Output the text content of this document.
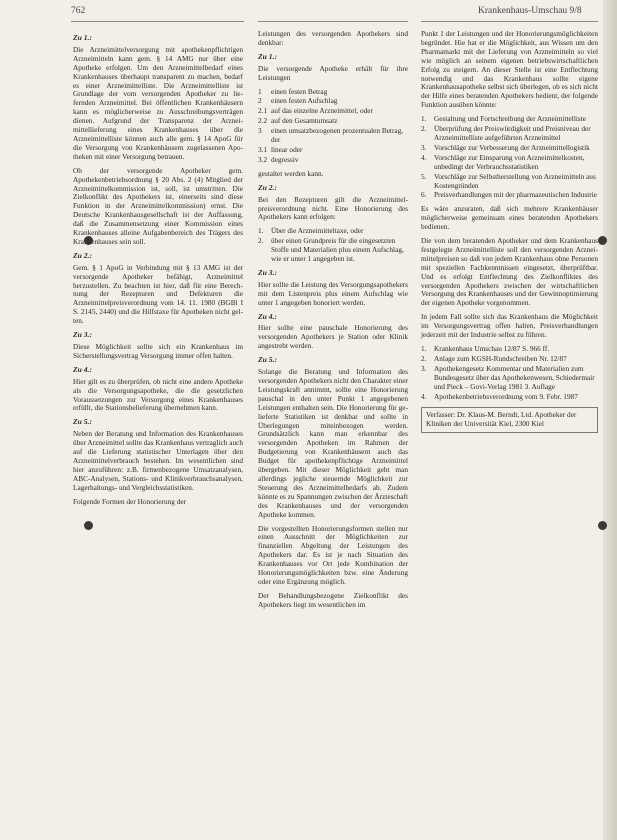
762	Krankenhaus-Umschau 9/8
Zu 1.:

Die Arzneimittelversorgung mit apothekenpflichtigen Arzneimitteln kann gem. § 14 AMG nur über eine Apotheke erfolgen. Um den Arzneimittelbedarf eines Krankenhauses überhaupt transparent zu machen, bedarf es einer Arzneimittelliste. Die Arzneimittelliste ist Grundlage der vom versorgenden Apotheker zu liefernden Arzneimittel. Bei öffentlichen Krankenhäusern kann es möglicherweise zu Ausschreibungsverträgen dienen. Aufgrund der Transparenz der Arzneimittellieferung eines Krankenhauses über die Arzneimittelliste können auch alle gem. § 14 ApoG für die Versorgung von Krankenhäusern zugelassenen Apotheken mit einer Versorgung betrauen.

Ob der versorgende Apotheker gem. Apothekenbetriebsordnung § 20 Abs. 2 (4) Mitglied der Arzneimittelkommission ist, soll, ist umstritten. Die Zielkonflikt des Apothekers ist, einerseits sind diese Funktion in der Arzneimittelkommission) ernst. Die Deutsche Krankenhausgesellschaft ist der Auffassung, daß die Zusammensetzung einer Kommission eines Krankenhauses alleine Aufgabenbereich des Trägers des Krankenhauses sein soll.

Zu 2.:

Gem. § 1 ApoG in Verbindung mit § 13 AMG ist der versorgende Apotheker befähigt, Arzneimittel herzustellen. Zu beachten ist hier, daß für eine Berechnung der Rezepturen und Defekturen die Arzneimittelpreisverordnung vom 14. 11. 1980 (BGBl I S. 2145, 2440) und die Hilfstaxe für Apotheken nicht gelten.

Zu 3.:

Diese Möglichkeit sollte sich ein Krankenhaus im Sicherstellungsvertrag Versorgung immer offen halten.

Zu 4.:

Hier gilt es zu überprüfen, ob nicht eine andere Apotheke als die Versorgungsapotheke, die die gesetzlichen Voraussetzungen zur Versorgung eines Krankenhauses erfüllt, die Stationsbelieferung übernehmen kann.

Zu 5.:

Neben der Beratung und Information des Krankenhauses über Arzneimittel sollte das Krankenhaus vertraglich auch auf die Lieferung statistischer Unterlagen über den Arzneimittelverbrauch bestehen. Im wesentlichen sind hier anzuführen: z.B. firmenbezogene Umsatzanalysen, ABC-Analysen, Stations- und Klinikverbrauchsanalysen, Lagerhaltungs- und Vergleichsstatistiken.

Folgende Formen der Honorierung der

Leistungen des versorgenden Apothekers sind denkbar:

Zu 1.:

Die versorgende Apotheke erhält für ihre Leistungen

1	einen festen Betrag
2	einen festen Aufschlag
2.1 auf das einzelne Arzneimittel, oder
2.2 auf den Gesamtumsatz
3	einen umsatzbezogenen prozentualen Betrag, der
3.1 linear oder
3.2 degressiv

gestaltet werden kann.

Zu 2.:

Bei den Rezepturen gilt die Arzneimittelpreisverordnung nicht. Eine Honorierung des Apothekers kann erfolgen:

1.	Über die Arzneimitteltaxe, oder
2.	über einen Grundpreis für die eingesetzten Stoffe und Materialien plus einem Aufschlag, wie er unter 1 angegeben ist.
Zu 3.:

Hier sollte die Leistung des Versorgungsapothekers mit dem Listenpreis plus einem Aufschlag wie unter 1 angegeben honoriert werden.

Zu 4.:

Hier sollte eine pauschale Honorierung des versorgenden Apothekers je Station oder Klinik angestrebt werden.

Zu 5.:

Solange die Beratung und Information des versorgenden Apothekers nicht den Charakter einer Leistungskraft annimmt, sollte eine Honorierung pauschal in den unter Punkt 1 angegebenen Leistungen enthalten sein. Die Honorierung für gelieferte Statistiken ist denkbar und sollte in Überlegungen miteinbezogen werden. Grundsätzlich kann man erkennbar des versorgenden Apotheken im Rahmen der Budgetierung von Krankenhäusern auch das Budget für apothekenpflichtige Arzneimittel übergeben. Mit dieser Möglichkeit geht man allerdings jegliche steuernde Möglichkeit zur Steuerung des Arzneimittelbedarfs ab. Zudem könnte es zu Spannungen zwischen der Ärzteschaft des Krankenhauses und der versorgenden Apotheke kommen.

Die vorgestellten Honorierungsformen stellen nur einen Ausschnitt der Möglichkeiten zur finanziellen Abgeltung der Leistungen des Apothekers dar. Es ist je nach Situation des Krankenhauses vor Ort jede Kombination der Honorierungsmöglichkeiten bzw. eine Änderung oder eine Ergänzung möglich.

Der Behandlungsbezogene Zielkonflikt des Apothekers liegt im wesentlichen im

Punkt 1 der Leistungen und der Honorierungsmöglichkeiten begründet. Hie hat er die Möglichkeit, aus Wissen um den Pharmamarkt mit der Lieferung von Arzneimitteln so viel wie möglich an seinem eigenen betriebswirtschaftlichen Erfolg zu steigern. An dieser Stelle ist eine Entflechtung notwendig und das Krankenhaus sollte eigene Krankenhausapotheke selbst sich überlegen, ob es sich nicht der Hilfe eines beratenden Apothekers bedient, der folgende Funktion ausüben könnte:

1.	Gestaltung und Fortschreibung der Arzneimittelliste
2.	Überprüfung der Preiswürdigkeit und Preisniveau der Arzneimittelliste aufgeführten Arzneimittel
3.	Vorschläge zur Verbesserung der Arzneimittellogistik
4.	Vorschläge zur Einsparung von Arzneimittelkosten, unbedingt der Verbrauchsstatistiken
5.	Vorschläge zur Selbstherstellung von Arzneimitteln aus Kostengründen
6.	Preisverhandlungen mit der pharmazeutischen Industrie

Es wäre anzuraten, daß sich mehrere Krankenhäuser möglicherweise gemeinsam eines beratenden Apothekers bedienen.

Die von dem beratenden Apotheker und dem Krankenhaus festgelegte Arzneimittelliste soll den versorgenden Arzneimittelpreisen so daß von jedem Krankenhaus ohne Personen mit speziellen Fachkenntnissen eingesetzt, überprüftbar. Und es erfolgt Entflechtung des Zielkonfliktes des versorgenden Apothekers zwischen der wirtschaftlichen Versorgung des Krankenhauses und der Gewinnoptimierung der eigenen Apotheke vorgenommen.

In jedem Fall sollte sich das Krankenhaus die Möglichkeit im Versorgungsvertrag offen halten, Preisverhandlungen jederzeit mit der Industrie selbst zu führen.

1.	Krankenhaus Umschau 12/87 S. 966 ff.
2.	Anlage zum KGSH-Rundschreiben Nr. 12/87
3.	Apothekengesetz Kommentar und Materialien zum Bundesgesetz über das Apothekenwesen, Schiedermair und Pieck – Govi-Verlag 1981 3. Auflage
4.	Apothekenbetriebsverordnung vom 9. Febr. 1987
Verfasser: Dr. Klaus-M. Berndt, Ltd. Apotheker der Kliniken der Universität Kiel, 2300 Kiel
